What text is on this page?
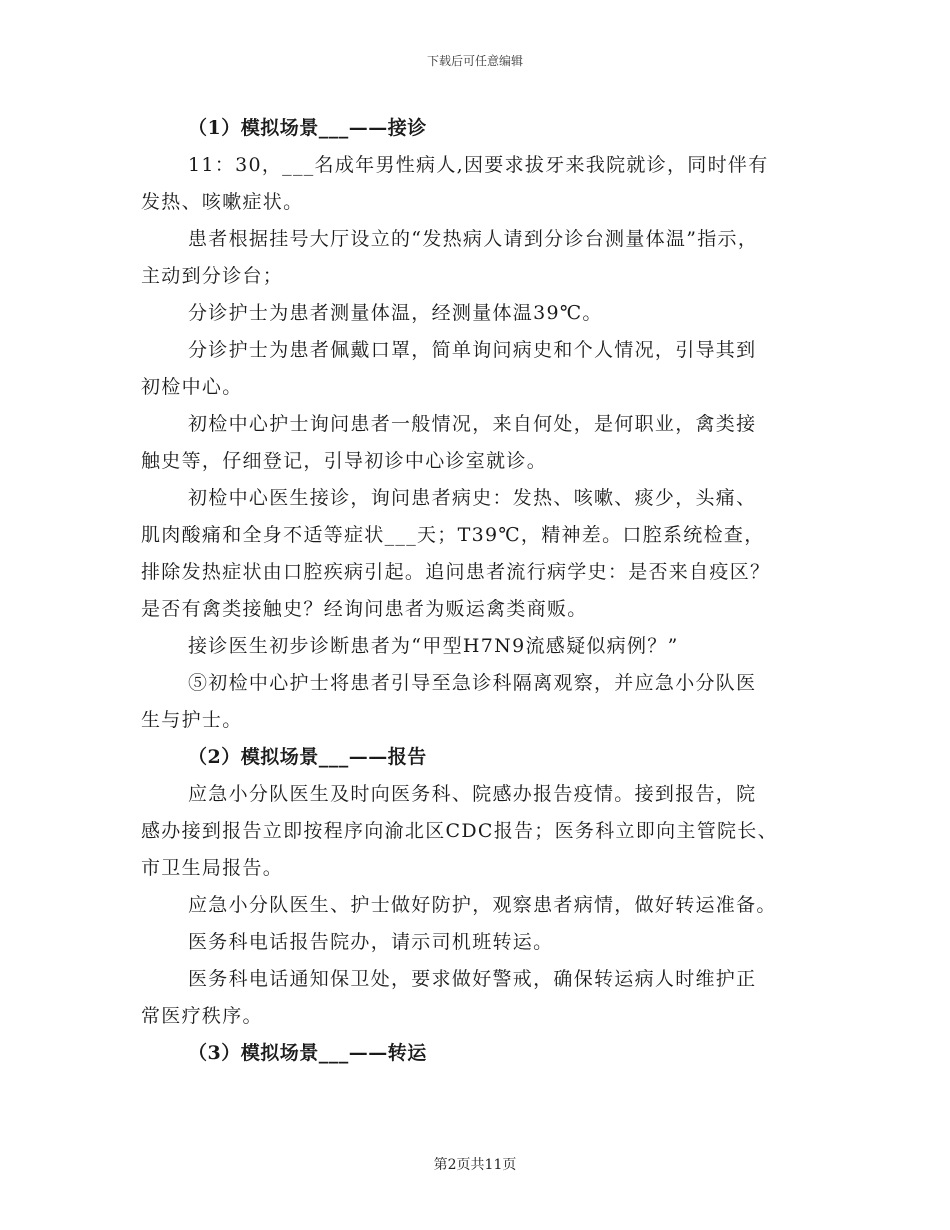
下载后可任意编辑
（1）模拟场景___——接诊
11：30，___名成年男性病人,因要求拔牙来我院就诊，同时伴有
发热、咳嗽症状。
患者根据挂号大厅设立的“发热病人请到分诊台测量体温”指示，
主动到分诊台；
分诊护士为患者测量体温，经测量体温39℃。
分诊护士为患者佩戴口罩，简单询问病史和个人情况，引导其到
初检中心。
初检中心护士询问患者一般情况，来自何处，是何职业，禽类接
触史等，仔细登记，引导初诊中心诊室就诊。
初检中心医生接诊，询问患者病史：发热、咳嗽、痰少，头痛、
肌肉酸痛和全身不适等症状___天；T39℃，精神差。口腔系统检查，
排除发热症状由口腔疾病引起。追问患者流行病学史：是否来自疫区？
是否有禽类接触史？经询问患者为贩运禽类商贩。
接诊医生初步诊断患者为“甲型H7N9流感疑似病例？”
⑤初检中心护士将患者引导至急诊科隔离观察，并应急小分队医
生与护士。
（2）模拟场景___——报告
应急小分队医生及时向医务科、院感办报告疫情。接到报告，院
感办接到报告立即按程序向渝北区CDC报告；医务科立即向主管院长、
市卫生局报告。
应急小分队医生、护士做好防护，观察患者病情，做好转运准备。
医务科电话报告院办，请示司机班转运。
医务科电话通知保卫处，要求做好警戒，确保转运病人时维护正
常医疗秩序。
（3）模拟场景___——转运
第2页共11页
